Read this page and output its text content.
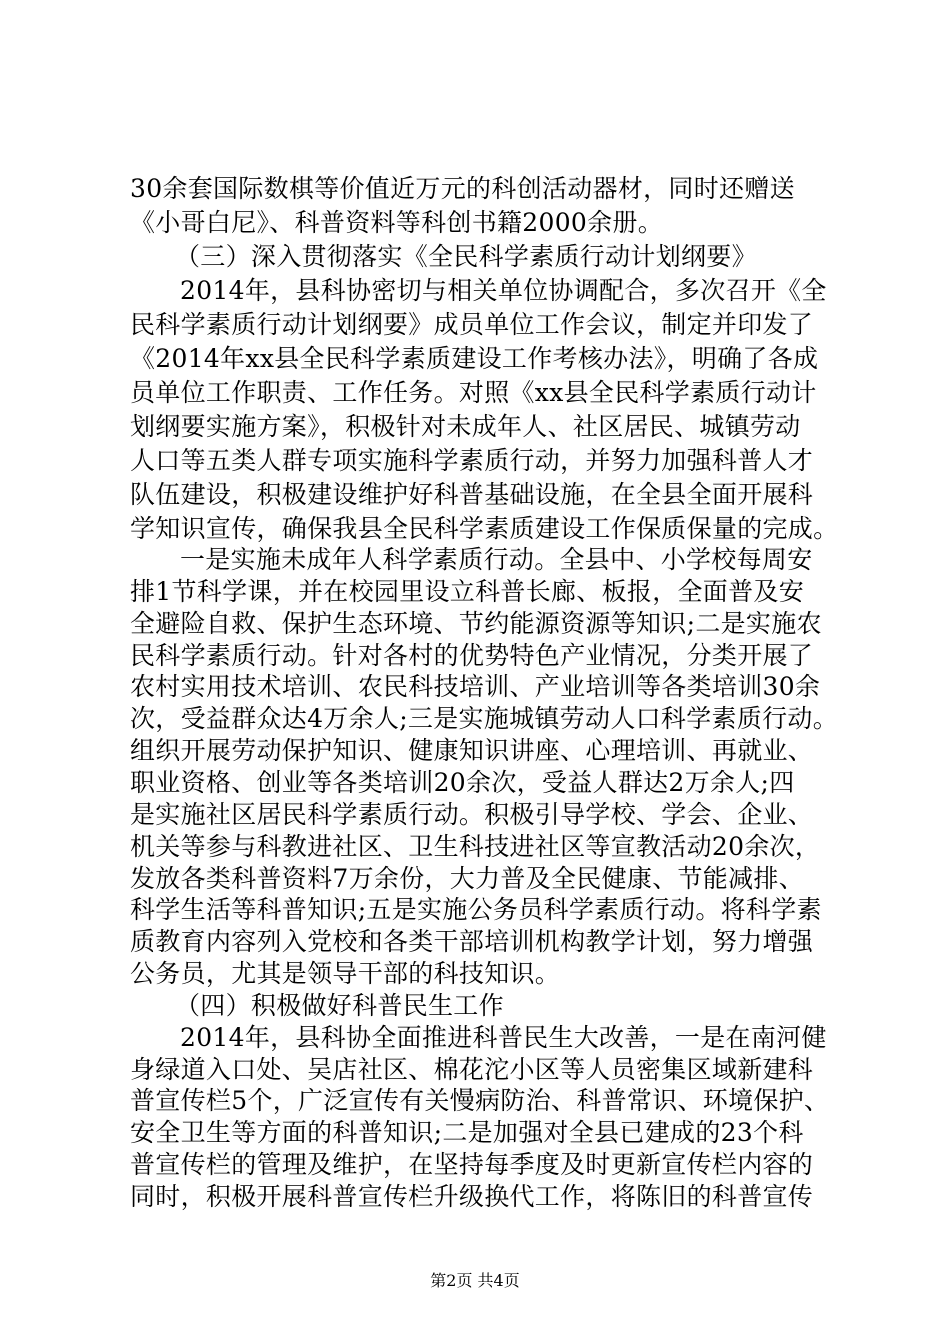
30余套国际数棋等价值近万元的科创活动器材，同时还赠送
《小哥白尼》、科普资料等科创书籍2000余册。
（三）深入贯彻落实《全民科学素质行动计划纲要》
2014年，县科协密切与相关单位协调配合，多次召开《全
民科学素质行动计划纲要》成员单位工作会议，制定并印发了
《2014年xx县全民科学素质建设工作考核办法》，明确了各成
员单位工作职责、工作任务。对照《xx县全民科学素质行动计
划纲要实施方案》，积极针对未成年人、社区居民、城镇劳动
人口等五类人群专项实施科学素质行动，并努力加强科普人才
队伍建设，积极建设维护好科普基础设施，在全县全面开展科
学知识宣传，确保我县全民科学素质建设工作保质保量的完成。
一是实施未成年人科学素质行动。全县中、小学校每周安
排1节科学课，并在校园里设立科普长廊、板报，全面普及安
全避险自救、保护生态环境、节约能源资源等知识;二是实施农
民科学素质行动。针对各村的优势特色产业情况，分类开展了
农村实用技术培训、农民科技培训、产业培训等各类培训30余
次，受益群众达4万余人;三是实施城镇劳动人口科学素质行动。
组织开展劳动保护知识、健康知识讲座、心理培训、再就业、
职业资格、创业等各类培训20余次，受益人群达2万余人;四
是实施社区居民科学素质行动。积极引导学校、学会、企业、
机关等参与科教进社区、卫生科技进社区等宣教活动20余次，
发放各类科普资料7万余份，大力普及全民健康、节能减排、
科学生活等科普知识;五是实施公务员科学素质行动。将科学素
质教育内容列入党校和各类干部培训机构教学计划，努力增强
公务员，尤其是领导干部的科技知识。
（四）积极做好科普民生工作
2014年，县科协全面推进科普民生大改善，一是在南河健
身绿道入口处、吴店社区、棉花沱小区等人员密集区域新建科
普宣传栏5个，广泛宣传有关慢病防治、科普常识、环境保护、
安全卫生等方面的科普知识;二是加强对全县已建成的23个科
普宣传栏的管理及维护，在坚持每季度及时更新宣传栏内容的
同时，积极开展科普宣传栏升级换代工作，将陈旧的科普宣传
第2页 共4页
